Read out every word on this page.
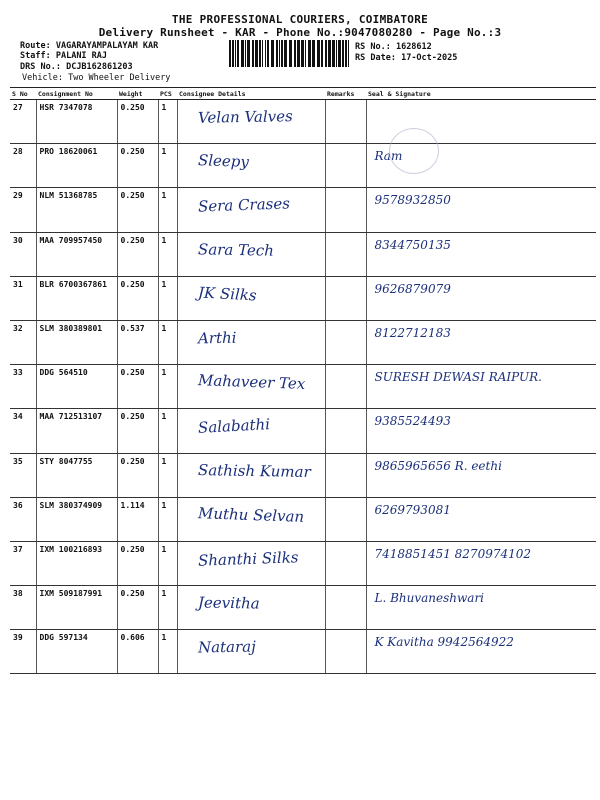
THE PROFESSIONAL COURIERS, COIMBATORE
Delivery Runsheet - KAR - Phone No.:9047080280 - Page No.:3
Route: VAGARAYAMPALAYAM KAR
Staff: PALANI RAJ
DRS No.: DCJB162861203
Vehicle: Two Wheeler Delivery
RS No.: 1628612
RS Date: 17-Oct-2025
S No	Consignment No	Weight	PCS	Consignee Details	Remarks	Seal & Signature
27	HSR 7347078	0.250	1	Velan Valves		

28	PRO 18620061	0.250	1	Sleepy		Ram

29	NLM 51368785	0.250	1	Sera Crases		9578932850

30	MAA 709957450	0.250	1	Sara Tech		8344750135

31	BLR 6700367861	0.250	1	JK Silks		9626879079

32	SLM 380389801	0.537	1	Arthi		8122712183

33	DDG 564510	0.250	1	Mahaveer Tex		SURESH DEWASI RAIPUR.

34	MAA 712513107	0.250	1	Salabathi		9385524493

35	STY 8047755	0.250	1	Sathish Kumar		9865965656 R. eethi

36	SLM 380374909	1.114	1	Muthu Selvan		6269793081

37	IXM 100216893	0.250	1	Shanthi Silks		7418851451 8270974102

38	IXM 509187991	0.250	1	Jeevitha		L. Bhuvaneshwari

39	DDG 597134	0.606	1	Nataraj		K Kavitha 9942564922
